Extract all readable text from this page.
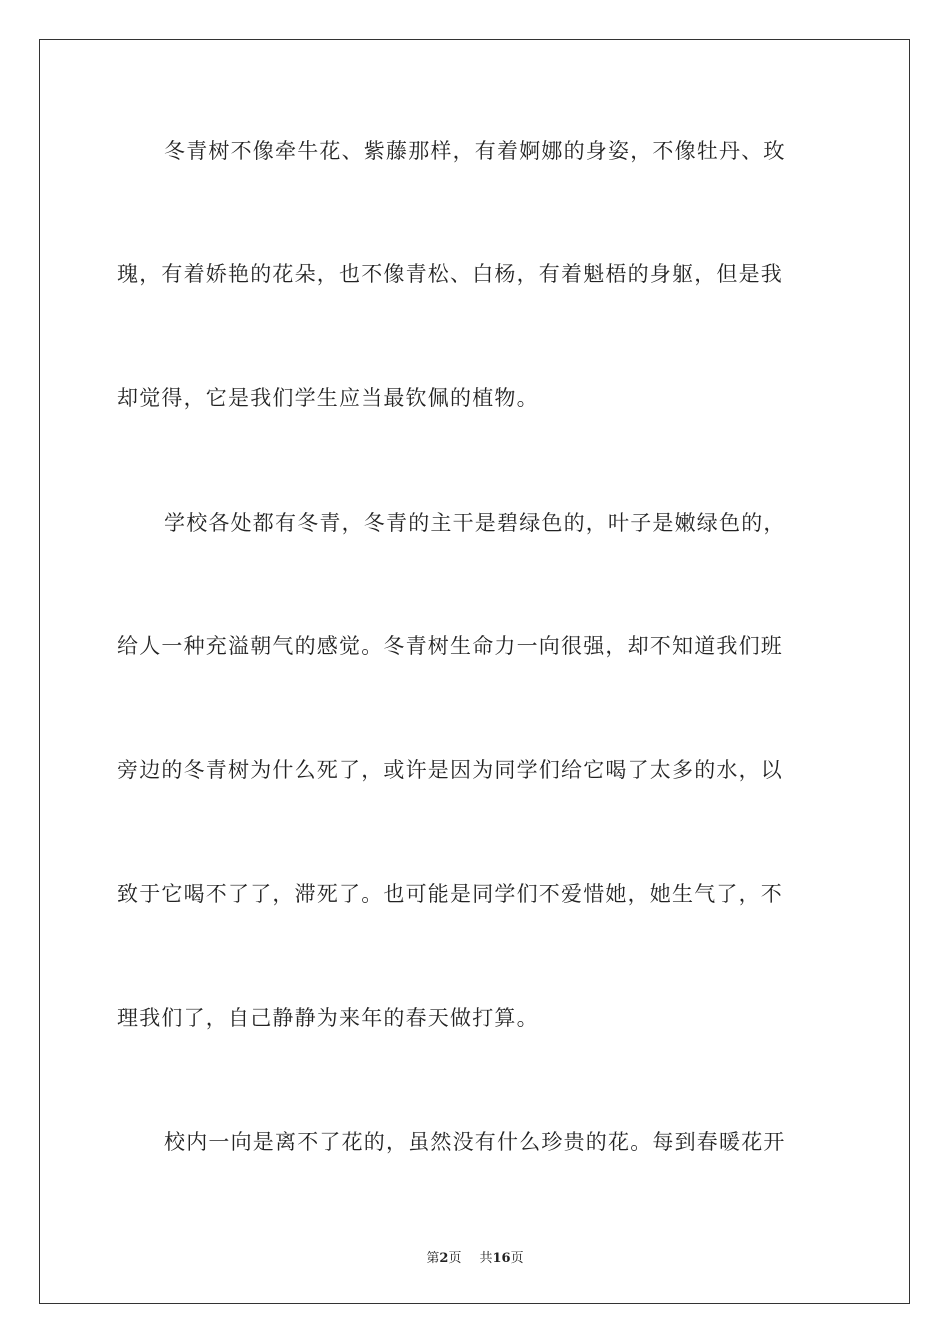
冬青树不像牵牛花、紫藤那样，有着婀娜的身姿，不像牡丹、玫
瑰，有着娇艳的花朵，也不像青松、白杨，有着魁梧的身躯，但是我
却觉得，它是我们学生应当最钦佩的植物。
学校各处都有冬青，冬青的主干是碧绿色的，叶子是嫩绿色的，
给人一种充溢朝气的感觉。冬青树生命力一向很强，却不知道我们班
旁边的冬青树为什么死了，或许是因为同学们给它喝了太多的水，以
致于它喝不了了，滞死了。也可能是同学们不爱惜她，她生气了，不
理我们了，自己静静为来年的春天做打算。
校内一向是离不了花的，虽然没有什么珍贵的花。每到春暖花开
第2页 共16页
